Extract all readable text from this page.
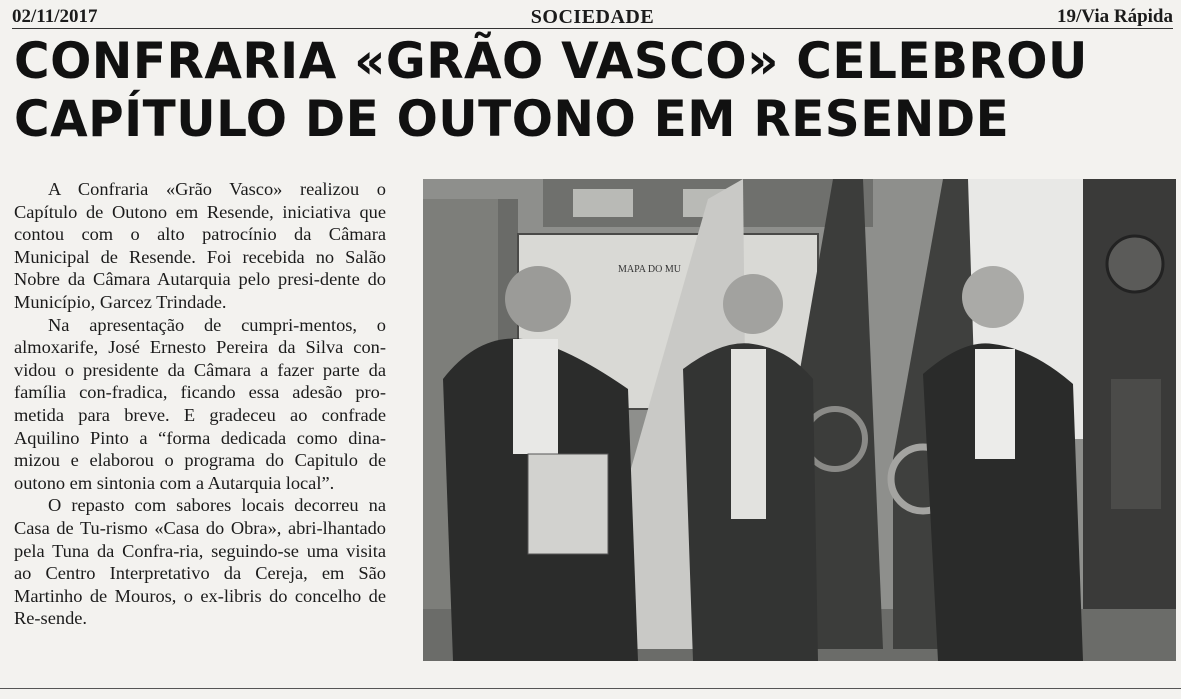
02/11/2017	SOCIEDADE	19/Via Rápida
CONFRARIA «GRÃO VASCO» CELEBROU
CAPÍTULO DE OUTONO EM RESENDE

A Confraria «Grão Vasco» realizou o Capítulo de Outono em Resende, iniciativa que contou com o alto patrocínio da Câmara Municipal de Resende. Foi recebida no Salão Nobre da Câmara Autarquia pelo presi-dente do Município, Garcez Trindade.

Na apresentação de cumpri-mentos, o almoxarife, José Ernesto Pereira da Silva con-vidou o presidente da Câmara a fazer parte da família con-fradica, ficando essa adesão pro-metida para breve. E gradeceu ao confrade Aquilino Pinto a “forma dedicada como dina-mizou e elaborou o programa do Capitulo de outono em sintonia com a Autarquia local”.

O repasto com sabores locais decorreu na Casa de Tu-rismo «Casa do Obra», abri-lhantado pela Tuna da Confra-ria, seguindo-se uma visita ao Centro Interpretativo da Cereja, em São Martinho de Mouros, o ex-libris do concelho de Re-sende.

MAPA DO MU
